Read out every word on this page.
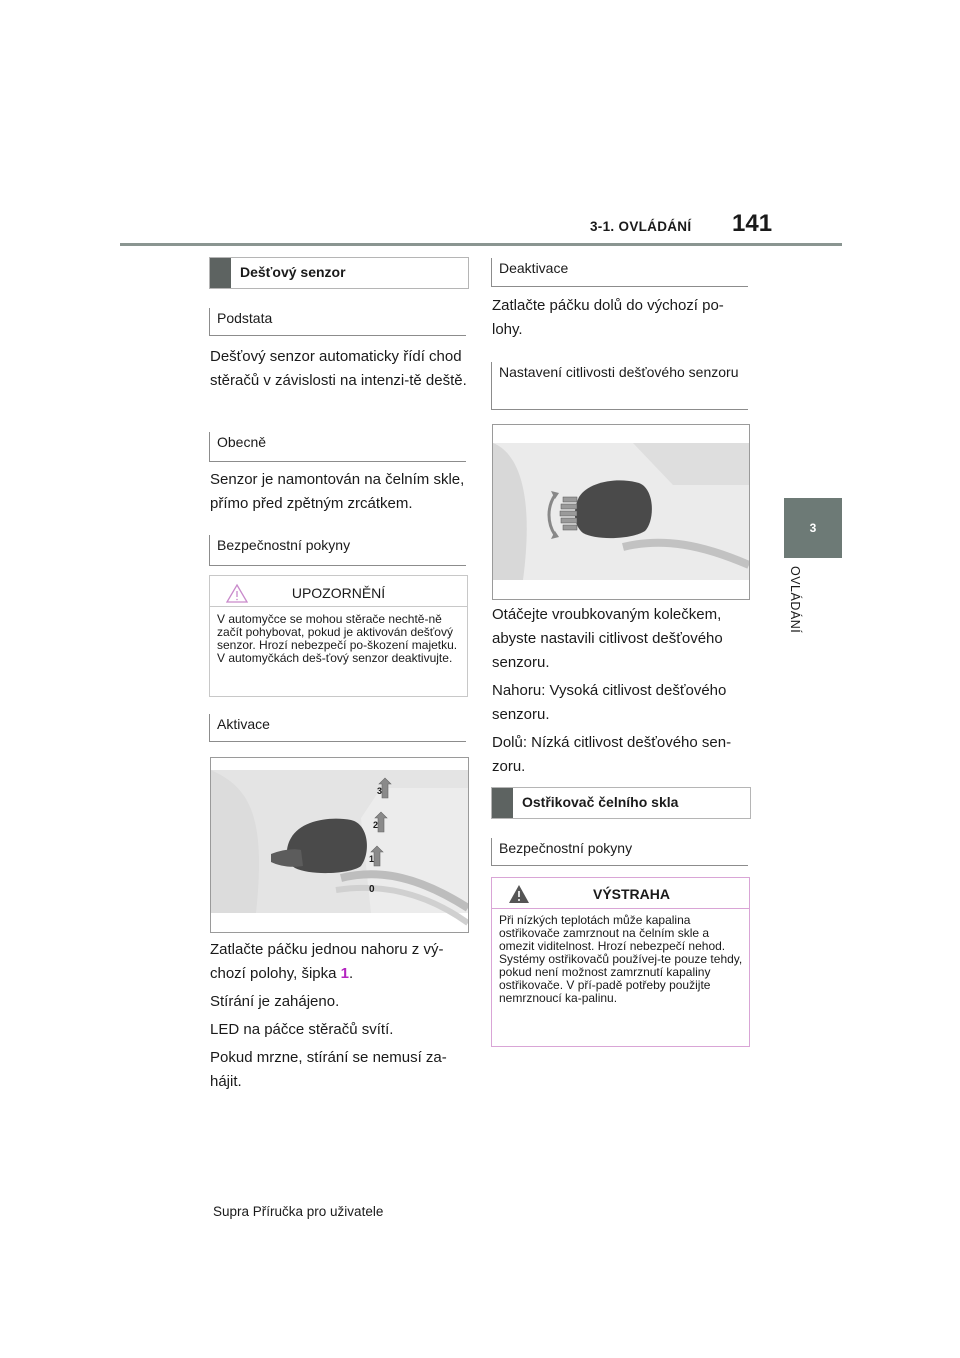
3-1. OVLÁDÁNÍ 141
3
OVLÁDÁNÍ
Dešťový senzor
Podstata

Dešťový senzor automaticky řídí chod stěračů v závislosti na intenzi-tě deště.

Obecně

Senzor je namontován na čelním skle, přímo před zpětným zrcátkem.

Bezpečnostní pokyny
UPOZORNĚNÍ
V automyčce se mohou stěrače nechtě-ně začít pohybovat, pokud je aktivován dešťový senzor. Hrozí nebezpečí po-škození majetku. V automyčkách deš-ťový senzor deaktivujte.
Aktivace
3
2
1
0

Zatlačte páčku jednou nahoru z vý-chozí polohy, šipka 1.

Stírání je zahájeno.

LED na páčce stěračů svítí.

Pokud mrzne, stírání se nemusí za-hájit.

Deaktivace

Zatlačte páčku dolů do výchozí po-lohy.

Nastavení citlivosti dešťového senzoru

Otáčejte vroubkovaným kolečkem, abyste nastavili citlivost dešťového senzoru.

Nahoru: Vysoká citlivost dešťového senzoru.

Dolů: Nízká citlivost dešťového sen-zoru.

Ostřikovač čelního skla
Bezpečnostní pokyny
VÝSTRAHA
Při nízkých teplotách může kapalina ostřikovače zamrznout na čelním skle a omezit viditelnost. Hrozí nebezpečí nehod. Systémy ostřikovačů používej-te pouze tehdy, pokud není možnost zamrznutí kapaliny ostřikovače. V pří-padě potřeby použijte nemrznoucí ka-palinu.
Supra Příručka pro uživatele
